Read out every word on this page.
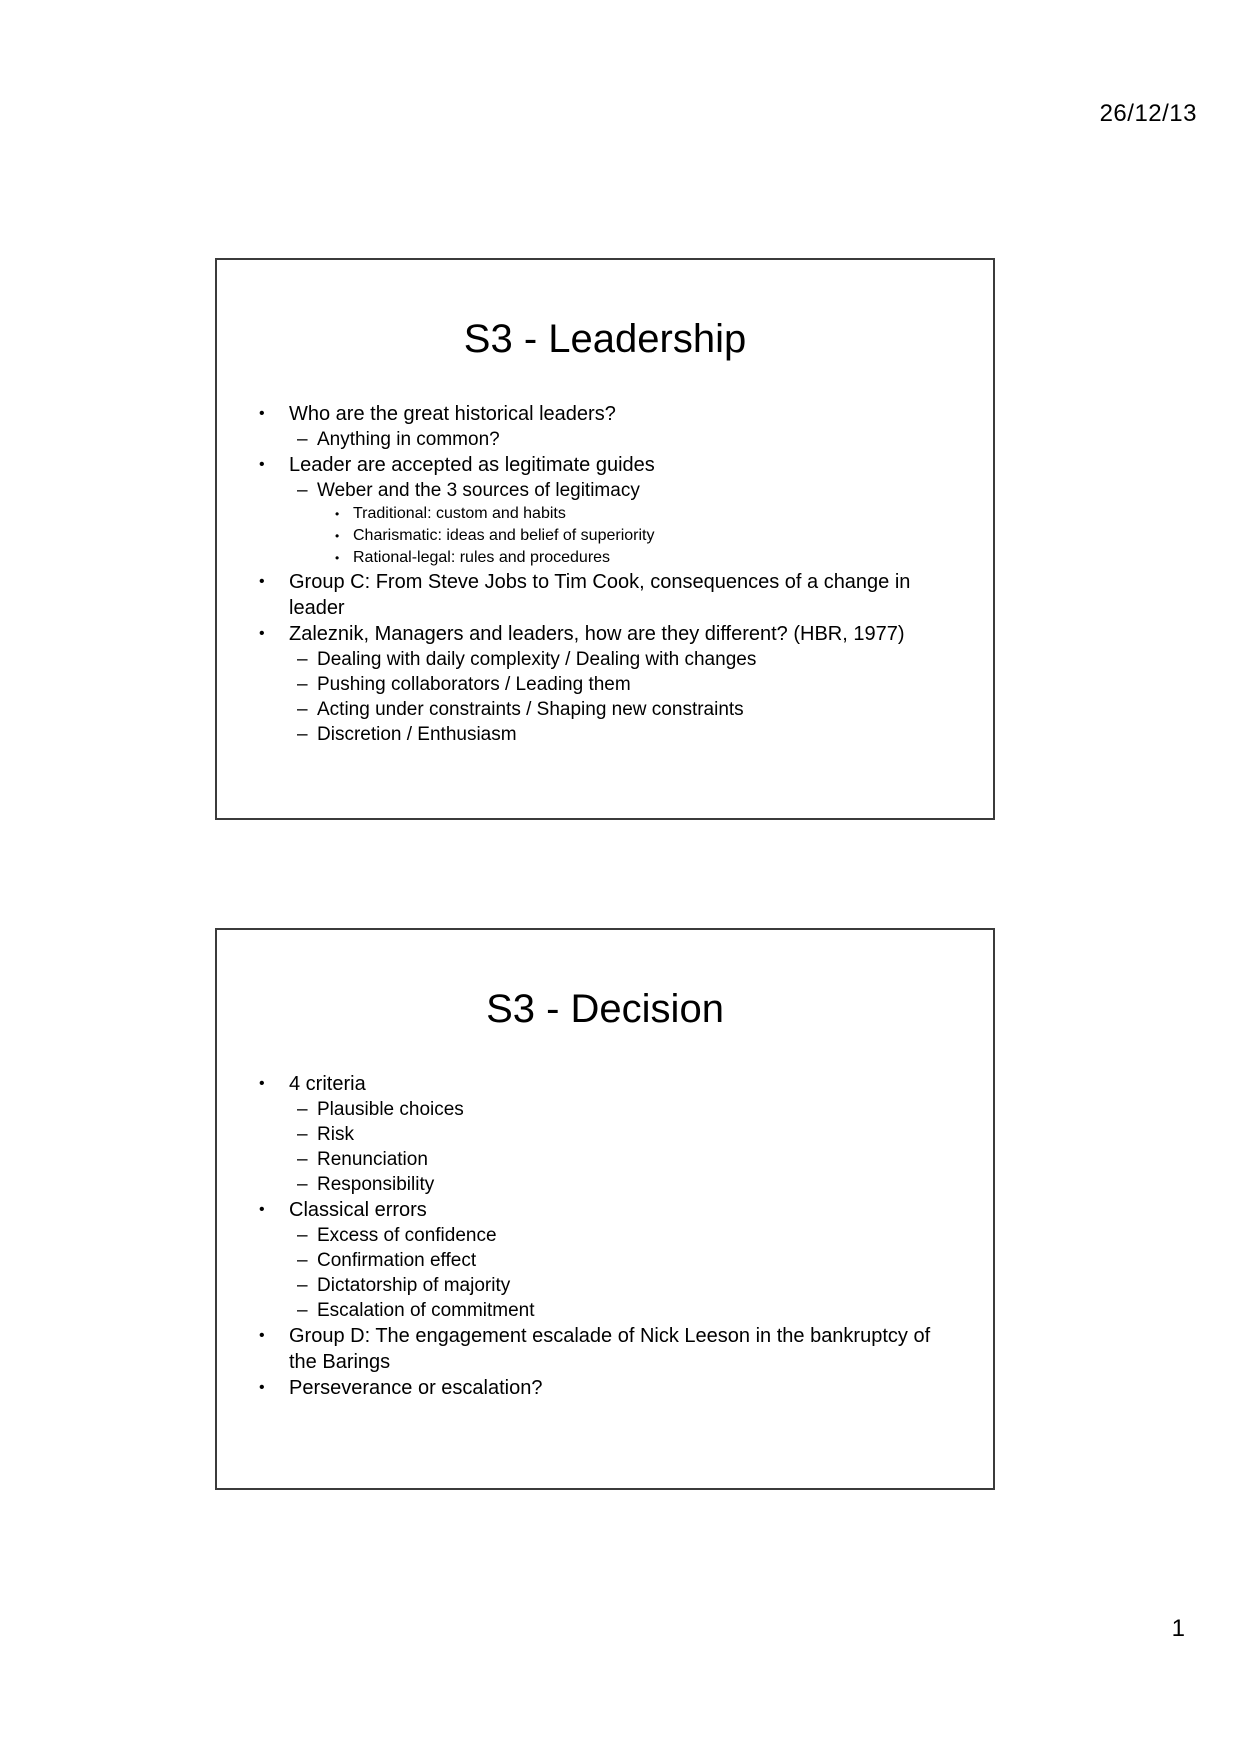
26/12/13
S3 - Leadership
•	Who are the great historical leaders?
– Anything in common?
•	Leader are accepted as legitimate guides
– Weber and the 3 sources of legitimacy
• Traditional: custom and habits
• Charismatic: ideas and belief of superiority
• Rational-legal: rules and procedures
•	Group C: From Steve Jobs to Tim Cook, consequences of a change in leader
•	Zaleznik, Managers and leaders, how are they different? (HBR, 1977)
– Dealing with daily complexity / Dealing with changes
– Pushing collaborators / Leading them
– Acting under constraints / Shaping new constraints
– Discretion / Enthusiasm
S3 - Decision
•	4 criteria
– Plausible choices
– Risk
– Renunciation
– Responsibility
•	Classical errors
– Excess of confidence
– Confirmation effect
– Dictatorship of majority
– Escalation of commitment
•	Group D: The engagement escalade of Nick Leeson in the bankruptcy of the Barings
•	Perseverance or escalation?
1
